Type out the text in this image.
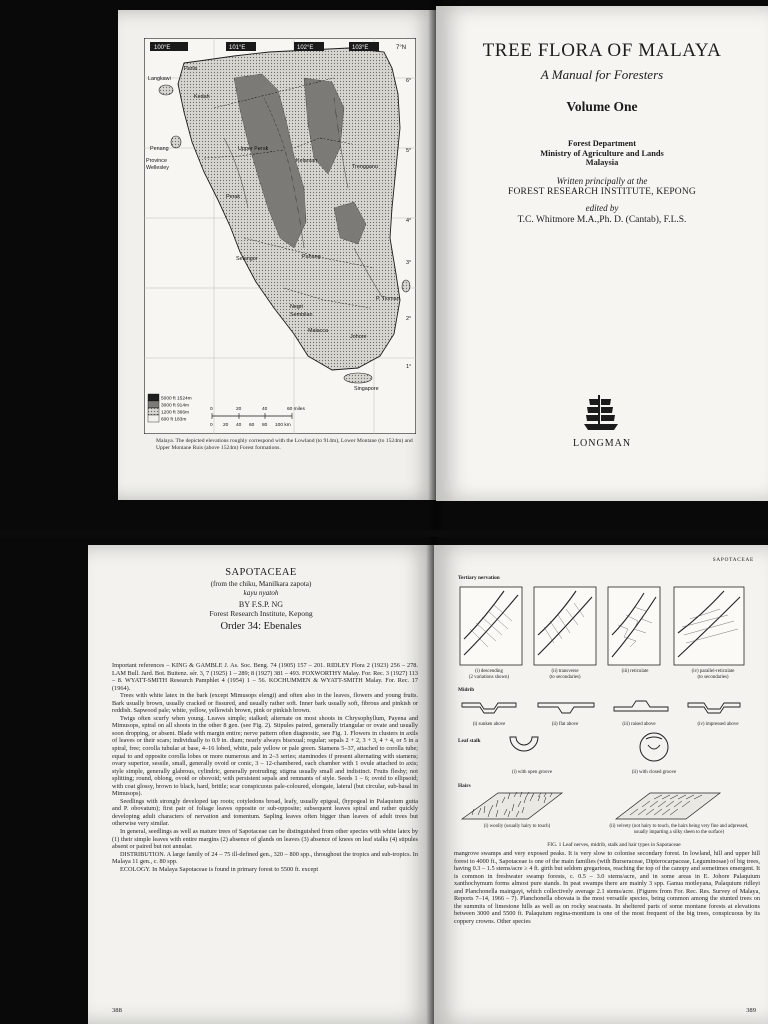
100°E	101°E	102°E	103°E	7°N
6°
5°
4°
3°
2°
1°
Langkawi
Kedah
Perlis
Penang
Province
Wellesley
Upper Perak
Perak
Kelantan
Trengganu
Selangor	Pahang
Negri
Sembilan
Malacca
Johore
P. Tioman
Singapore
5000 ft 1524m
3000 ft 914m
1200 ft 366m
600 ft 183m
0	20	40	60 miles
0 20 40 60 80 100 km
Malaya. The depicted elevations roughly correspond with the Lowland (to 914m), Lower Montane (to 1524m) and Upper Montane Ruis (above 1524m) Forest formations.
TREE FLORA OF MALAYA
A Manual for Foresters
Volume One
Forest Department
Ministry of Agriculture and Lands
Malaysia
Written principally at the
FOREST RESEARCH INSTITUTE, KEPONG
edited by
T.C. Whitmore M.A.,Ph. D. (Cantab), F.L.S.
LONGMAN
SAPOTACEAE
(from the chiku, Manilkara zapota)
kayu nyatoh
BY F.S.P. NG
Forest Research Institute, Kepong
Order 34: Ebenales

Important references – KING & GAMBLE J. As. Soc. Beng. 74 (1905) 157 – 201. RIDLEY Flora 2 (1923) 256 – 278. LAM Bull. Jard. Bot. Buitenz. sér. 3, 7 (1925) 1 – 289; 8 (1927) 381 – 493. FOXWORTHY Malay. For. Rec. 3 (1927) 113 – 8. WYATT-SMITH Research Pamphlet 4 (1954) 1 – 56. KOCHUMMEN & WYATT-SMITH Malay. For. Rec. 17 (1964).

Trees with white latex in the bark (except Mimusops elengi) and often also in the leaves, flowers and young fruits. Bark usually brown, usually cracked or fissured, and usually rather soft. Inner bark usually soft, fibrous and pinkish or reddish. Sapwood pale; white, yellow, yellowish brown, pink or pinkish brown.

Twigs often scurfy when young. Leaves simple; stalked; alternate on most shoots in Chrysophyllum, Payena and Mimusops, spiral on all shoots in the other 8 gen. (see Fig. 2). Stipules paired, generally triangular or ovate and usually soon dropping, or absent. Blade with margin entire; nerve pattern often diagnostic, see Fig. 1. Flowers in clusters in axils of leaves or their scars; individually to 0.9 in. diam; nearly always bisexual; regular; sepals 2 + 2, 3 + 3, 4 + 4, or 5 in a spiral, free; corolla tubular at base, 4–16 lobed, white, pale yellow or pale green. Stamens 5–37, attached to corolla tube; equal to and opposite corolla lobes or more numerous and in 2–3 series; staminodes if present alternating with stamens; ovary superior, sessile, small, generally ovoid or conic, 3 – 12-chambered, each chamber with 1 ovule attached to axis; style simple, generally glabrous, cylindric, generally protruding; stigma usually small and indistinct. Fruits fleshy; not splitting; round, oblong, ovoid or obovoid; with persistent sepals and remnants of style. Seeds 1 – 6; ovoid to ellipsoid; with coat glossy, brown to black, hard, brittle; scar conspicuous pale-coloured, elongate, lateral (but circular, sub-basal in Mimusops).

Seedlings with strongly developed tap roots; cotyledons broad, leafy, usually epigeal, (hypogeal in Palaquium gutta and P. obovatum); first pair of foliage leaves opposite or sub-opposite; subsequent leaves spiral and rather quickly developing adult characters of nervation and tomentum. Sapling leaves often bigger than leaves of adult trees but otherwise very similar.

In general, seedlings as well as mature trees of Sapotaceae can be distinguished from other species with white latex by (1) their simple leaves with entire margins (2) absence of glands on leaves (3) absence of knees on leaf stalks (4) stipules absent or paired but not annular.

DISTRIBUTION. A large family of 24 – 75 ill-defined gen., 320 – 800 spp., throughout the tropics and sub-tropics. In Malaya 11 gen., c. 80 spp.

ECOLOGY. In Malaya Sapotaceae is found in primary forest to 5500 ft. except

388
SAPOTACEAE
Tertiary nervation
(i) descending
(2 variations shown)
(ii) transverse
(to secondaries)
(iii) reticulate	(iv) parallel-reticulate
(to secondaries)
Midrib
(i) sunken above	(ii) flat above	(iii) raised above	(iv) impressed above
Leaf stalk
(i) with open groove	(ii) with closed groove
Hairs
(i) woolly (usually hairy to touch)	(ii) velvety (not hairy to touch, the hairs being very fine and adpressed, usually imparting a silky sheen to the surface)
FIG. 1 Leaf nerves, midrib, stalk and hair types in Sapotaceae
mangrove swamps and very exposed peaks. It is very slow to colonise secondary forest. In lowland, hill and upper hill forest to 4000 ft., Sapotaceae is one of the main families (with Burseraceae, Dipterocarpaceae, Leguminosae) of big trees, having 0.3 – 1.5 stems/acre ≥ 4 ft. girth but seldom gregarious, reaching the top of the canopy and sometimes emergent. It is common in freshwater swamp forests, c. 0.5 – 3.0 stems/acre, and in some areas in E. Johore Palaquium xanthochymum forms almost pure stands. In peat swamps there are mainly 3 spp. Ganua motleyana, Palaquium ridleyi and Planchonella maingayi, which collectively average 2.1 stems/acre. (Figures from For. Rec. Res. Survey of Malaya, Reports 7–14, 1966 – 7). Planchonella obovata is the most versatile species, being common among the stunted trees on the summits of limestone hills as well as on rocky seacoasts. In sheltered parts of some montane forests at elevations between 3000 and 5500 ft. Palaquium regina-montium is one of the most frequent of the big trees, conspicuous by its coppery crowns. Other species
389
